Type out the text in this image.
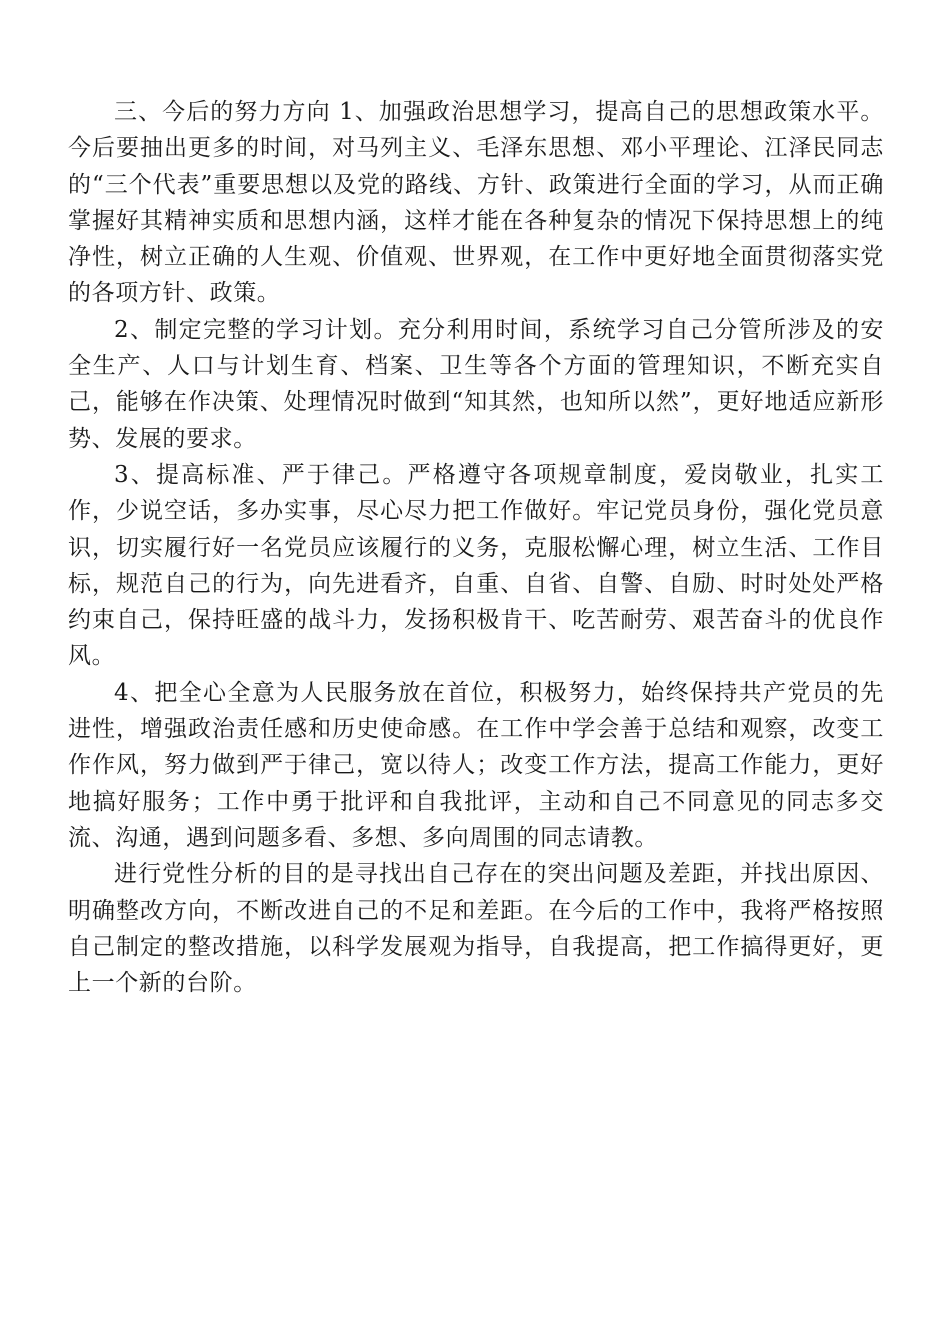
三、今后的努力方向 1、加强政治思想学习，提高自己的思想政策水平。今后要抽出更多的时间，对马列主义、毛泽东思想、邓小平理论、江泽民同志的“三个代表”重要思想以及党的路线、方针、政策进行全面的学习，从而正确掌握好其精神实质和思想内涵，这样才能在各种复杂的情况下保持思想上的纯净性，树立正确的人生观、价值观、世界观，在工作中更好地全面贯彻落实党的各项方针、政策。

2、制定完整的学习计划。充分利用时间，系统学习自己分管所涉及的安全生产、人口与计划生育、档案、卫生等各个方面的管理知识，不断充实自己，能够在作决策、处理情况时做到“知其然，也知所以然”，更好地适应新形势、发展的要求。

3、提高标准、严于律己。严格遵守各项规章制度，爱岗敬业，扎实工作，少说空话，多办实事，尽心尽力把工作做好。牢记党员身份，强化党员意识，切实履行好一名党员应该履行的义务，克服松懈心理，树立生活、工作目标，规范自己的行为，向先进看齐，自重、自省、自警、自励、时时处处严格约束自己，保持旺盛的战斗力，发扬积极肯干、吃苦耐劳、艰苦奋斗的优良作风。

4、把全心全意为人民服务放在首位，积极努力，始终保持共产党员的先进性，增强政治责任感和历史使命感。在工作中学会善于总结和观察，改变工作作风，努力做到严于律己，宽以待人；改变工作方法，提高工作能力，更好地搞好服务；工作中勇于批评和自我批评，主动和自己不同意见的同志多交流、沟通，遇到问题多看、多想、多向周围的同志请教。

进行党性分析的目的是寻找出自己存在的突出问题及差距，并找出原因、明确整改方向，不断改进自己的不足和差距。在今后的工作中，我将严格按照自己制定的整改措施，以科学发展观为指导，自我提高，把工作搞得更好，更上一个新的台阶。
